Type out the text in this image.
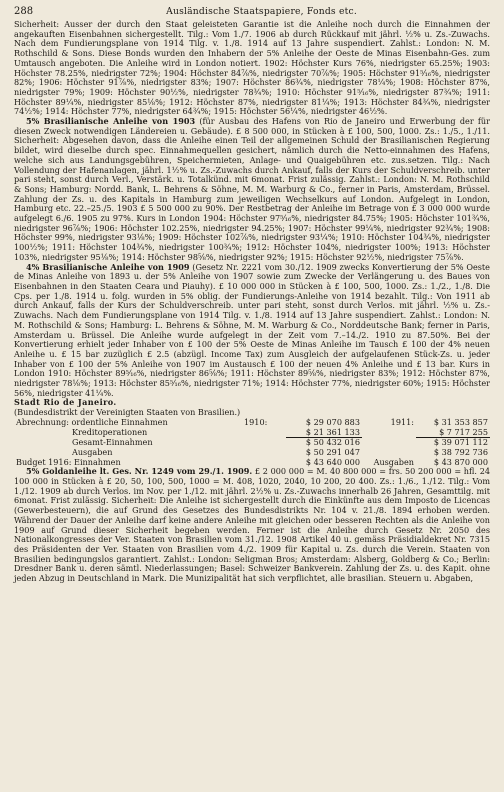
288	Ausländische Staatspapiere, Fonds etc.

Sicherheit: Ausser der durch den Staat geleisteten Garantie ist die Anleihe noch durch die Einnahmen der angekauften Eisenbahnen sichergestellt. Tilg.: Vom 1./7. 1906 ab durch Rückkauf mit jährl. ½% u. Zs.-Zuwachs. Nach dem Fundierungsplane von 1914 Tilg. v. 1./8. 1914 auf 13 Jahre suspendiert. Zahlst.: London: N. M. Rothschild & Sons. Diese Bonds wurden den Inhabern der 5% Anleihe der Oeste de Minas Eisenbahn-Ges. zum Umtausch angeboten. Die Anleihe wird in London notiert. 1902: Höchster Kurs 76%, niedrigster 65.25%; 1903: Höchster 78.25%, niedrigster 72%; 1904: Höchster 84⅞%, niedrigster 70⅞%; 1905: Höchster 91⁵⁄₁₆%, niedrigster 82%; 1906: Höchster 91⅞%, niedrigster 83%; 1907: Höchster 86¾%, niedrigster 78¼%; 1908: Höchster 87%, niedrigster 79%; 1909: Höchster 90½%, niedrigster 78¾%; 1910: Höchster 91⁵⁄₁₆%, niedrigster 87¾%; 1911: Höchster 89¼%, niedrigster 85⅛%; 1912: Höchster 87%, niedrigster 81¼%; 1913: Höchster 84¾%, niedrigster 74½%; 1914: Höchster 77%, niedrigster 64¾%; 1915: Höchster 56¼%, niedrigster 46½%.

5% Brasilianische Anleihe von 1903 (für Ausbau des Hafens von Rio de Janeiro und Erwerbung der für diesen Zweck notwendigen Ländereien u. Gebäude). £ 8 500 000, in Stücken à £ 100, 500, 1000. Zs.: 1./5., 1./11. Sicherheit: Abgesehen davon, dass die Anleihe einen Teil der allgemeinen Schuld der Brasilianischen Regierung bildet, wird dieselbe durch spec. Einnahmequellen gesichert, nämlich durch die Netto-einnahmen des Hafens, welche sich aus Landungsgebühren, Speichermieten, Anlage- und Quaigebühren etc. zus.setzen. Tilg.: Nach Vollendung der Hafenanlagen, jährl. 1½% u. Zs.-Zuwachs durch Ankauf, falls der Kurs der Schuldverschreib. unter pari steht, sonst durch Verl., Verstärk. u. Totalkünd. mit 6monat. Frist zulässig. Zahlst.: London: N. M. Rothschild & Sons; Hamburg: Nordd. Bank, L. Behrens & Söhne, M. M. Warburg & Co., ferner in Paris, Amsterdam, Brüssel. Zahlung der Zs. u. des Kapitals in Hamburg zum jeweiligen Wechselkurs auf London. Aufgelegt in London, Hamburg etc. 22.–25./5. 1903 £ 5 500 000 zu 90%. Der Restbetrag der Anleihe im Betrage von £ 3 000 000 wurde aufgelegt 6./6. 1905 zu 97%. Kurs in London 1904: Höchster 97⁵⁄₁₆%, niedrigster 84.75%; 1905: Höchster 101¾%, niedrigster 96⅞%; 1906: Höchster 102.25%, niedrigster 94.25%; 1907: Höchster 99¼%, niedrigster 92¾%; 1908: Höchster 99%, niedrigster 93⅛%; 1909: Höchster 102⅞%, niedrigster 93¼%; 1910: Höchster 104¾%, niedrigster 100½%; 1911: Höchster 104¾%, niedrigster 100¾%; 1912: Höchster 104%, niedrigster 100%; 1913: Höchster 103%, niedrigster 95⅛%; 1914: Höchster 98⅝%, niedrigster 92%; 1915: Höchster 92½%, niedrigster 75⅞%.

4% Brasilianische Anleihe von 1909 (Gesetz Nr. 2221 vom 30./12. 1909 zwecks Konvertierung der 5% Oeste de Minas Anleihe von 1893 u. der 5% Anleihe von 1907 sowie zum Zwecke der Verlängerung u. des Baues von Eisenbahnen in den Staaten Ceara und Piauhy). £ 10 000 000 in Stücken à £ 100, 500, 1000. Zs.: 1./2., 1./8. Die Cps. per 1./8. 1914 u. folg. wurden in 5% oblig. der Fundierungs-Anleihe von 1914 bezahlt. Tilg.: Von 1911 ab durch Ankauf, falls der Kurs der Schuldverschreib. unter pari steht, sonst durch Verlos. mit jährl. ½% u. Zs.-Zuwachs. Nach dem Fundierungsplane von 1914 Tilg. v. 1./8. 1914 auf 13 Jahre suspendiert. Zahlst.: London: N. M. Rothschild & Sons; Hamburg: L. Behrens & Söhne, M. M. Warburg & Co., Norddeutsche Bank; ferner in Paris, Amsterdam u. Brüssel. Die Anleihe wurde aufgelegt in der Zeit vom 7.–14./2. 1910 zu 87.50%. Bei der Konvertierung erhielt jeder Inhaber von £ 100 der 5% Oeste de Minas Anleihe im Tausch £ 100 der 4% neuen Anleihe u. £ 15 bar zuzüglich £ 2.5 (abzügl. Income Tax) zum Ausgleich der aufgelaufenen Stück-Zs. u. jeder Inhaber von £ 100 der 5% Anleihe von 1907 im Austausch £ 100 der neuen 4% Anleihe und £ 13 bar. Kurs in London 1910: Höchster 89⁵⁄₁₆%, niedrigster 86⅝%; 1911: Höchster 89⅝%, niedrigster 83%; 1912: Höchster 87%, niedrigster 78⅛%; 1913: Höchster 85⁵⁄₁₆%, niedrigster 71%; 1914: Höchster 77%, niedrigster 60%; 1915: Höchster 56%, niedrigster 41¼%.

Stadt Rio de Janeiro.

(Bundesdistrikt der Vereinigten Staaten von Brasilien.)

Abrechnung: ordentliche Einnahmen	1910:	$ 29 070 883	1911:	$ 31 353 857
Kreditoperationen		$ 21 361 133		$ 7 717 255
Gesamt-Einnahmen		$ 50 432 016		$ 39 071 112
Ausgaben		$ 50 291 047		$ 38 792 736
Budget 1916: Einnahmen		$ 43 640 000	Ausgaben	$ 43 870 000

5% Goldanleihe lt. Ges. Nr. 1249 vom 29./1. 1909. £ 2 000 000 = M. 40 800 000 = frs. 50 200 000 = hfl. 24 100 000 in Stücken à £ 20, 50, 100, 500, 1000 = M. 408, 1020, 2040, 10 200, 20 400. Zs.: 1./6., 1./12. Tilg.: Vom 1./12. 1909 ab durch Verlos. im Nov. per 1./12. mit jährl. 2½% u. Zs.-Zuwachs innerhalb 26 Jahren, Gesamttilg. mit 6monat. Frist zulässig. Sicherheit: Die Anleihe ist sichergestellt durch die Einkünfte aus dem Imposto de Licencas (Gewerbesteuern), die auf Grund des Gesetzes des Bundesdistrikts Nr. 104 v. 21./8. 1894 erhoben werden. Während der Dauer der Anleihe darf keine andere Anleihe mit gleichen oder besseren Rechten als die Anleihe von 1909 auf Grund dieser Sicherheit begeben werden. Ferner ist die Anleihe durch Gesetz Nr. 2050 des Nationalkongresses der Ver. Staaten von Brasilien vom 31./12. 1908 Artikel 40 u. gemäss Präsidialdekret Nr. 7315 des Präsidenten der Ver. Staaten von Brasilien vom 4./2. 1909 für Kapital u. Zs. durch die Verein. Staaten von Brasilien bedingungslos garantiert. Zahlst.: London: Seligman Bros; Amsterdam: Alsberg, Goldberg & Co.; Berlin: Dresdner Bank u. deren sämtl. Niederlassungen; Basel: Schweizer Bankverein. Zahlung der Zs. u. des Kapit. ohne jeden Abzug in Deutschland in Mark. Die Munizipalität hat sich verpflichtet, alle brasilian. Steuern u. Abgaben,
